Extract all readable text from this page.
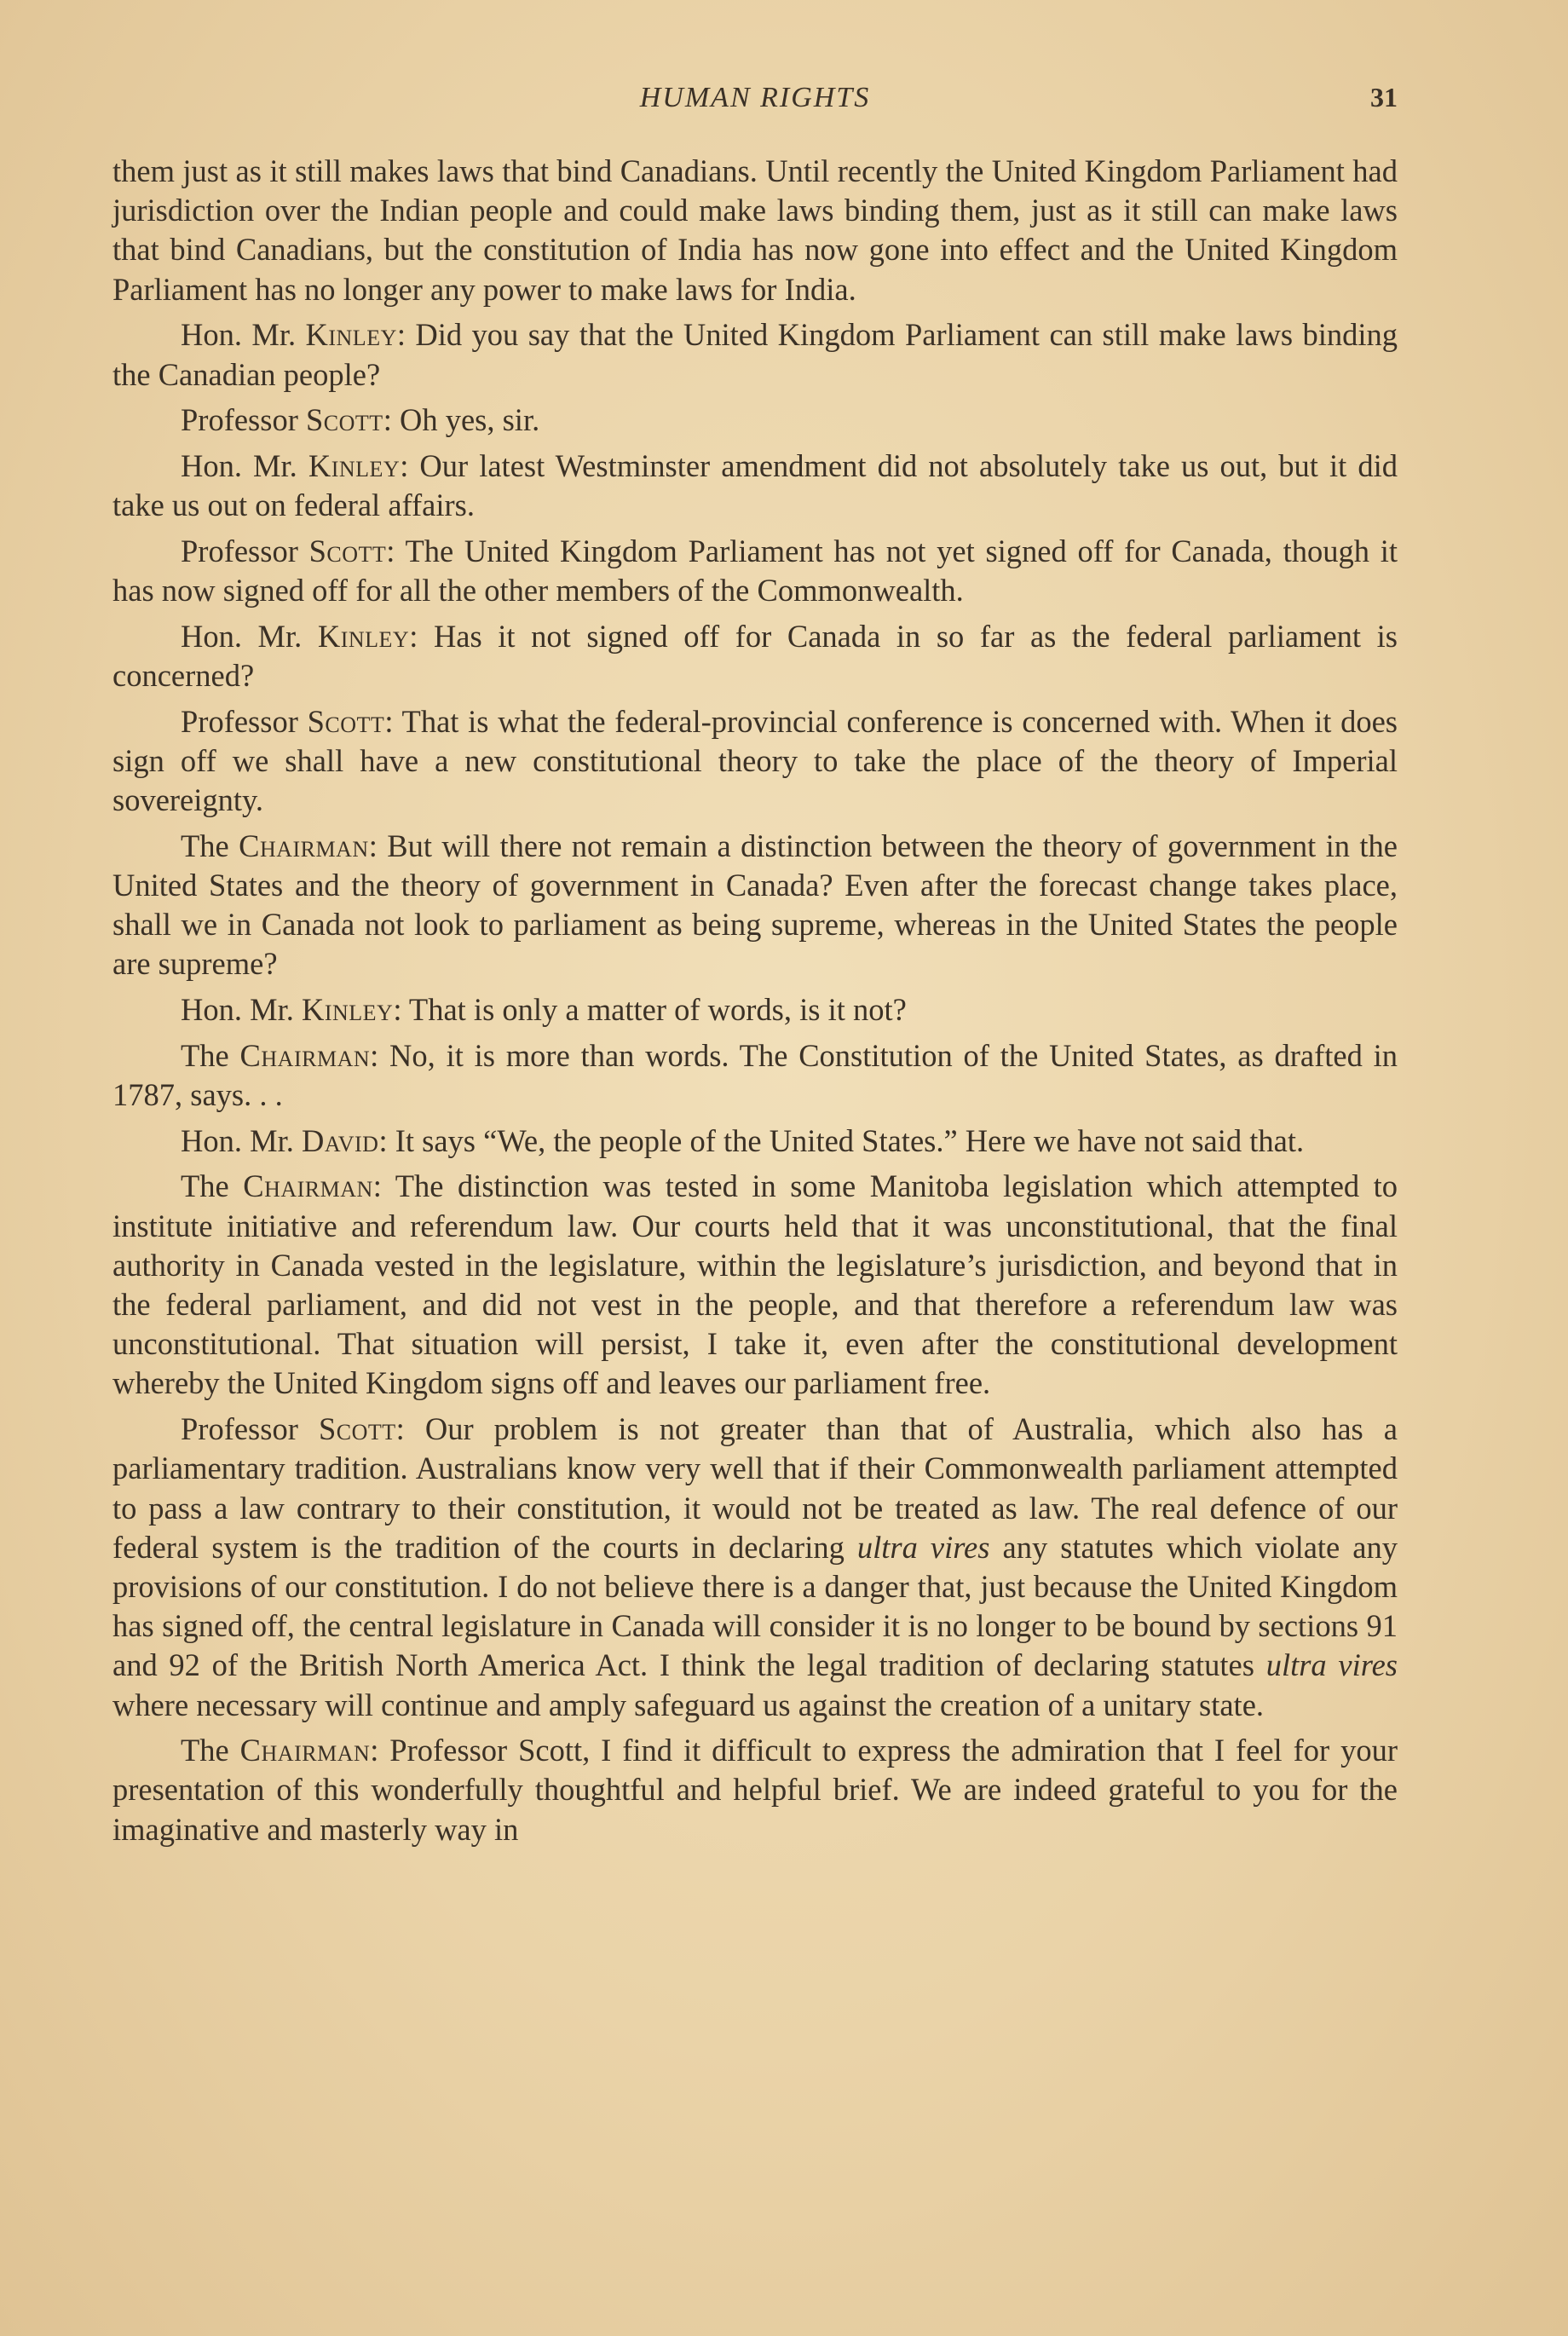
HUMAN RIGHTS	31

them just as it still makes laws that bind Canadians. Until recently the United Kingdom Parliament had jurisdiction over the Indian people and could make laws binding them, just as it still can make laws that bind Canadians, but the constitution of India has now gone into effect and the United Kingdom Parliament has no longer any power to make laws for India.

Hon. Mr. Kinley: Did you say that the United Kingdom Parliament can still make laws binding the Canadian people?

Professor Scott: Oh yes, sir.

Hon. Mr. Kinley: Our latest Westminster amendment did not absolutely take us out, but it did take us out on federal affairs.

Professor Scott: The United Kingdom Parliament has not yet signed off for Canada, though it has now signed off for all the other members of the Commonwealth.

Hon. Mr. Kinley: Has it not signed off for Canada in so far as the federal parliament is concerned?

Professor Scott: That is what the federal-provincial conference is concerned with. When it does sign off we shall have a new constitutional theory to take the place of the theory of Imperial sovereignty.

The Chairman: But will there not remain a distinction between the theory of government in the United States and the theory of government in Canada? Even after the forecast change takes place, shall we in Canada not look to parliament as being supreme, whereas in the United States the people are supreme?

Hon. Mr. Kinley: That is only a matter of words, is it not?

The Chairman: No, it is more than words. The Constitution of the United States, as drafted in 1787, says. . .

Hon. Mr. David: It says “We, the people of the United States.” Here we have not said that.

The Chairman: The distinction was tested in some Manitoba legislation which attempted to institute initiative and referendum law. Our courts held that it was unconstitutional, that the final authority in Canada vested in the legislature, within the legislature’s jurisdiction, and beyond that in the federal parliament, and did not vest in the people, and that therefore a referendum law was unconstitutional. That situation will persist, I take it, even after the constitutional development whereby the United Kingdom signs off and leaves our parliament free.

Professor Scott: Our problem is not greater than that of Australia, which also has a parliamentary tradition. Australians know very well that if their Commonwealth parliament attempted to pass a law contrary to their constitution, it would not be treated as law. The real defence of our federal system is the tradition of the courts in declaring ultra vires any statutes which violate any provisions of our constitution. I do not believe there is a danger that, just because the United Kingdom has signed off, the central legislature in Canada will consider it is no longer to be bound by sections 91 and 92 of the British North America Act. I think the legal tradition of declaring statutes ultra vires where necessary will continue and amply safeguard us against the creation of a unitary state.

The Chairman: Professor Scott, I find it difficult to express the admiration that I feel for your presentation of this wonderfully thoughtful and helpful brief. We are indeed grateful to you for the imaginative and masterly way in
